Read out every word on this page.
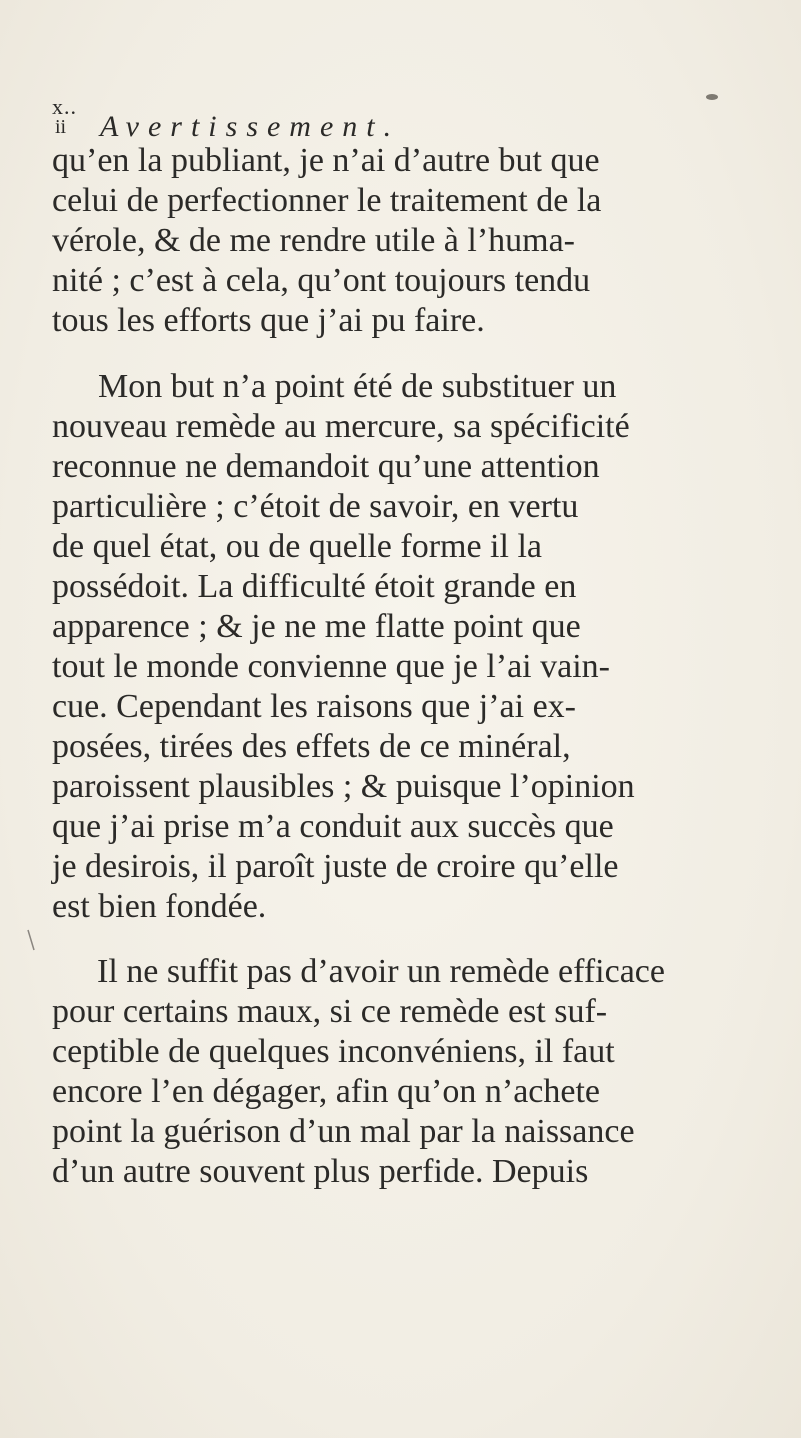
x..
ii Avertissement.
qu’en la publiant, je n’ai d’autre but que
celui de perfectionner le traitement de la
vérole, & de me rendre utile à l’huma-
nité ; c’est à cela, qu’ont toujours tendu
tous les efforts que j’ai pu faire.
Mon but n’a point été de substituer un
nouveau remède au mercure, sa spécificité
reconnue ne demandoit qu’une attention
particulière ; c’étoit de savoir, en vertu
de quel état, ou de quelle forme il la
possédoit. La difficulté étoit grande en
apparence ; & je ne me flatte point que
tout le monde convienne que je l’ai vain-
cue. Cependant les raisons que j’ai ex-
posées, tirées des effets de ce minéral,
paroissent plausibles ; & puisque l’opinion
que j’ai prise m’a conduit aux succès que
je desirois, il paroît juste de croire qu’elle
est bien fondée.
Il ne suffit pas d’avoir un remède efficace
pour certains maux, si ce remède est suf-
ceptible de quelques inconvéniens, il faut
encore l’en dégager, afin qu’on n’achete
point la guérison d’un mal par la naissance
d’un autre souvent plus perfide. Depuis
